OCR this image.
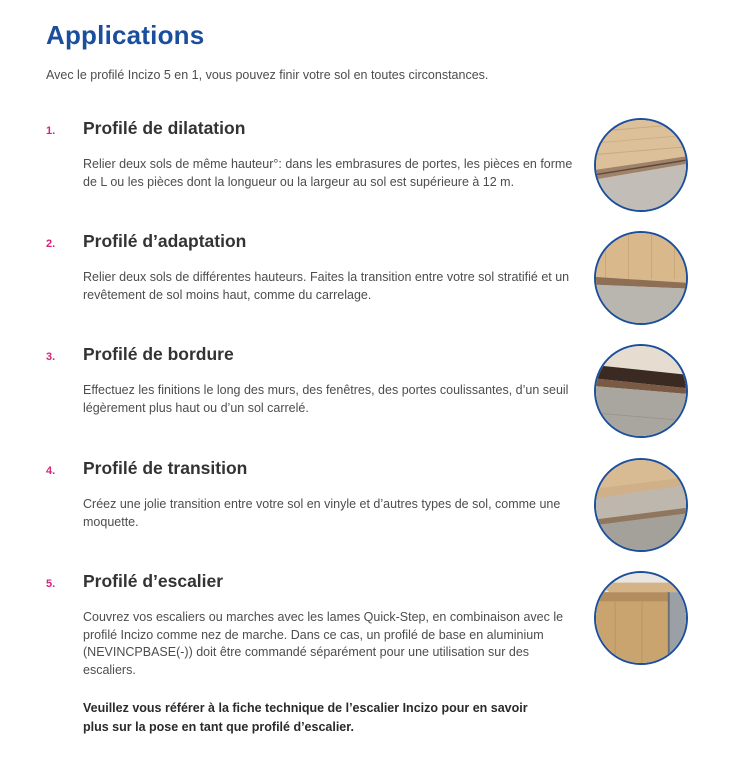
Applications
Avec le profilé Incizo 5 en 1, vous pouvez finir votre sol en toutes circonstances.
1. Profilé de dilatation

Relier deux sols de même hauteur°: dans les embrasures de portes, les pièces en forme de L ou les pièces dont la longueur ou la largeur au sol est supérieure à 12 m.

2. Profilé d’adaptation

Relier deux sols de différentes hauteurs. Faites la transition entre votre sol stratifié et un revêtement de sol moins haut, comme du carrelage.

3. Profilé de bordure

Effectuez les finitions le long des murs, des fenêtres, des portes coulissantes, d’un seuil légèrement plus haut ou d’un sol carrelé.

4. Profilé de transition

Créez une jolie transition entre votre sol en vinyle et d’autres types de sol, comme une moquette.

5. Profilé d’escalier

Couvrez vos escaliers ou marches avec les lames Quick-Step, en combinaison avec le profilé Incizo comme nez de marche. Dans ce cas, un profilé de base en aluminium (NEVINCPBASE(-)) doit être commandé séparément pour une utilisation sur des escaliers.

Veuillez vous référer à la fiche technique de l’escalier Incizo pour en savoir plus sur la pose en tant que profilé d’escalier.
